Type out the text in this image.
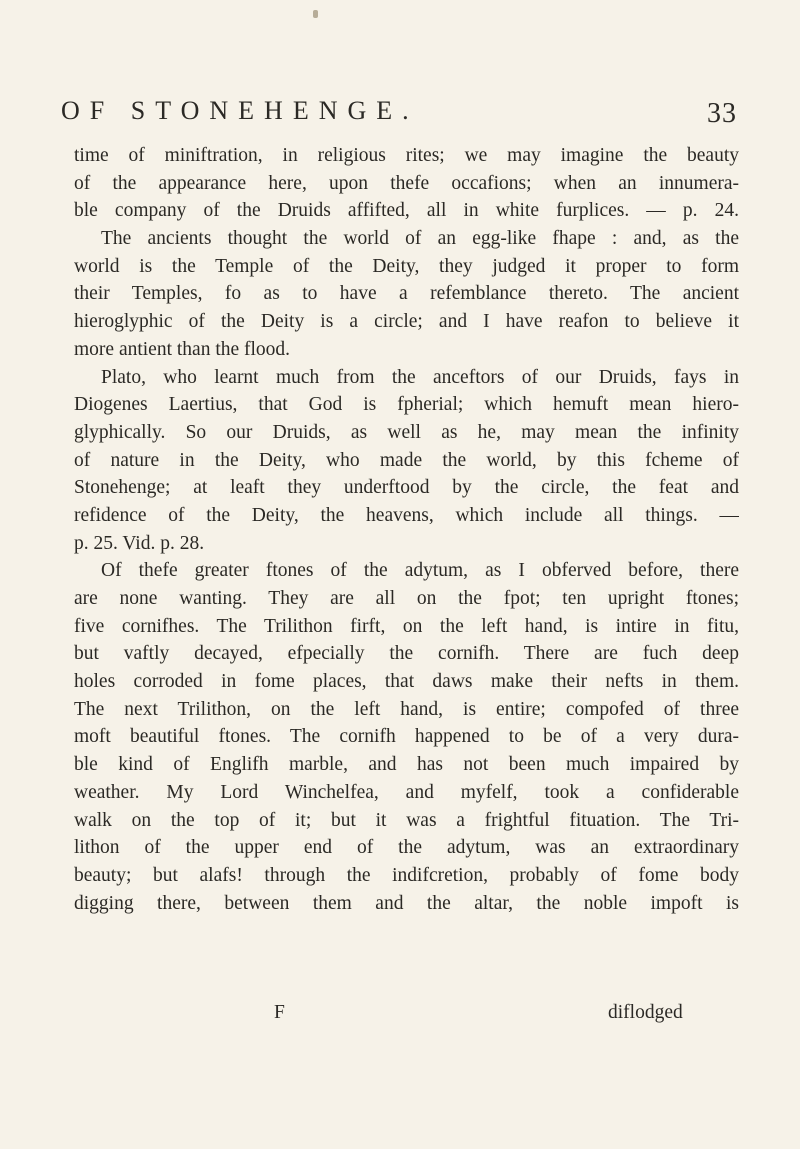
OF STONEHENGE.	33
time of miniftration, in religious rites; we may imagine the beauty
of the appearance here, upon thefe occafions; when an innumera-
ble company of the Druids affifted, all in white furplices. — p. 24.
The ancients thought the world of an egg-like fhape : and, as the
world is the Temple of the Deity, they judged it proper to form
their Temples, fo as to have a refemblance thereto. The ancient
hieroglyphic of the Deity is a circle; and I have reafon to believe it
more antient than the flood.
Plato, who learnt much from the anceftors of our Druids, fays in
Diogenes Laertius, that God is fpherial; which hemuft mean hiero-
glyphically. So our Druids, as well as he, may mean the infinity
of nature in the Deity, who made the world, by this fcheme of
Stonehenge; at leaft they underftood by the circle, the feat and
refidence of the Deity, the heavens, which include all things. —
p. 25. Vid. p. 28.
Of thefe greater ftones of the adytum, as I obferved before, there
are none wanting. They are all on the fpot; ten upright ftones;
five cornifhes. The Trilithon firft, on the left hand, is intire in fitu,
but vaftly decayed, efpecially the cornifh. There are fuch deep
holes corroded in fome places, that daws make their nefts in them.
The next Trilithon, on the left hand, is entire; compofed of three
moft beautiful ftones. The cornifh happened to be of a very dura-
ble kind of Englifh marble, and has not been much impaired by
weather. My Lord Winchelfea, and myfelf, took a confiderable
walk on the top of it; but it was a frightful fituation. The Tri-
lithon of the upper end of the adytum, was an extraordinary
beauty; but alafs! through the indifcretion, probably of fome body
digging there, between them and the altar, the noble impoft is
F	diflodged
